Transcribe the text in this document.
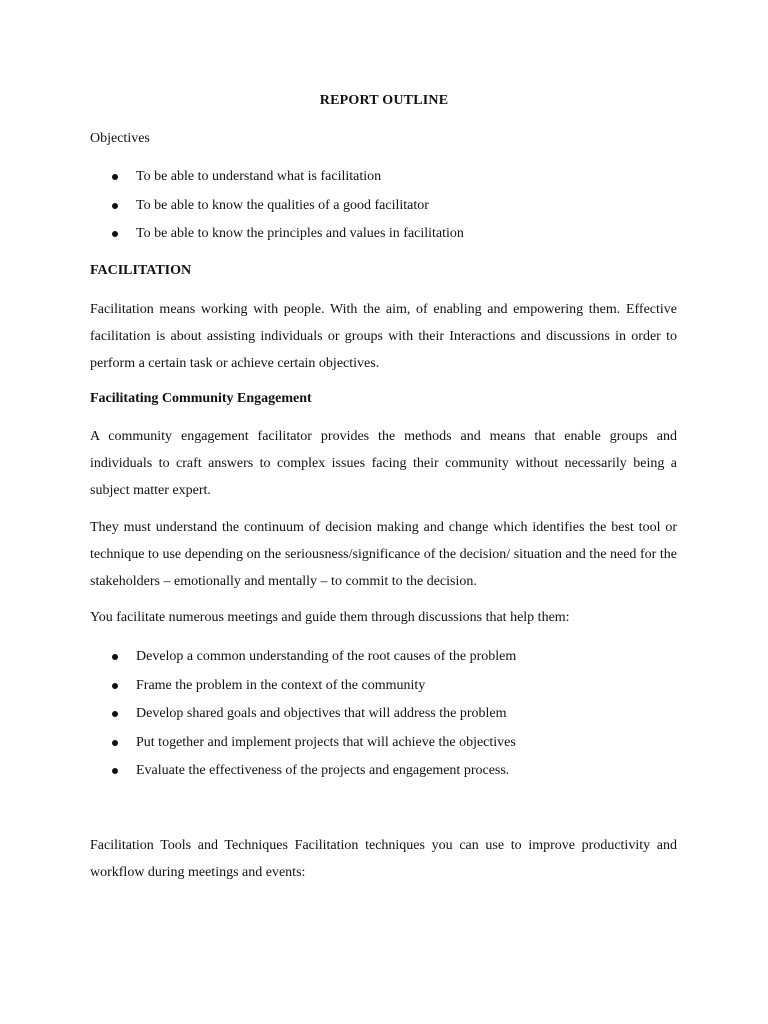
REPORT OUTLINE
Objectives
To be able to understand what is facilitation
To be able to know the qualities of a good facilitator
To be able to know the principles and values in facilitation
FACILITATION
Facilitation means working with people. With the aim, of enabling and empowering them. Effective facilitation is about assisting individuals or groups with their Interactions and discussions in order to perform a certain task or achieve certain objectives.
Facilitating Community Engagement
A community engagement facilitator provides the methods and means that enable groups and individuals to craft answers to complex issues facing their community without necessarily being a subject matter expert.
They must understand the continuum of decision making and change which identifies the best tool or technique to use depending on the seriousness/significance of the decision/ situation and the need for the stakeholders – emotionally and mentally – to commit to the decision.
You facilitate numerous meetings and guide them through discussions that help them:
Develop a common understanding of the root causes of the problem
Frame the problem in the context of the community
Develop shared goals and objectives that will address the problem
Put together and implement projects that will achieve the objectives
Evaluate the effectiveness of the projects and engagement process.
Facilitation Tools and Techniques Facilitation techniques you can use to improve productivity and workflow during meetings and events:
